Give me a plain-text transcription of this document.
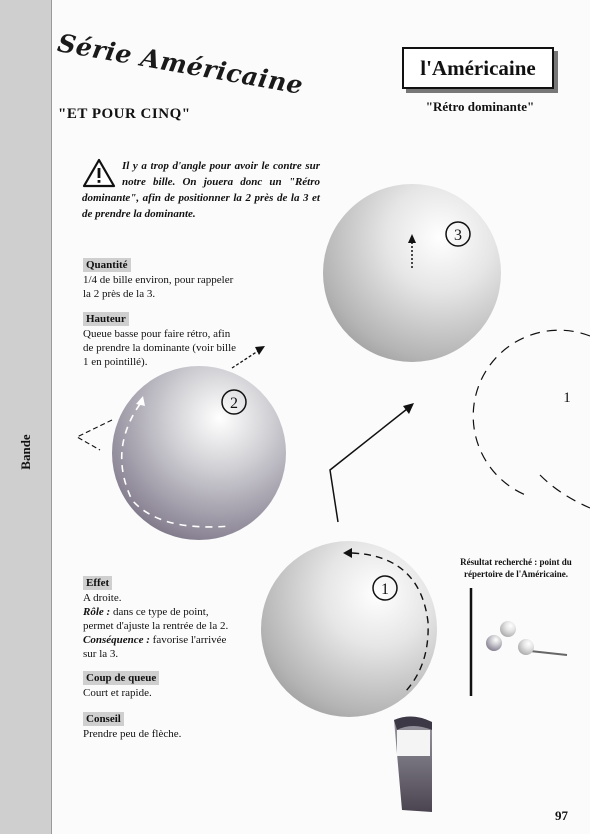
Bande
Série Américaine
"ET POUR CINQ"
l'Américaine
"Rétro dominante"
Il y a trop d'angle pour avoir le contre sur notre bille. On jouera donc un "Rétro dominante", afin de positionner la 2 près de la 3 et de prendre la dominante.
Quantité
1/4 de bille environ, pour rappeler
la 2 près de la 3.
Hauteur
Queue basse pour faire rétro, afin
de prendre la dominante (voir bille
1 en pointillé).
Effet
A droite.
Rôle : dans ce type de point,
permet d'ajuste la rentrée de la 2.
Conséquence : favorise l'arrivée
sur la 3.
Coup de queue
Court et rapide.
Conseil
Prendre peu de flèche.
3
1
2
1
Résultat recherché : point du
répertoire de l'Américaine.
97
